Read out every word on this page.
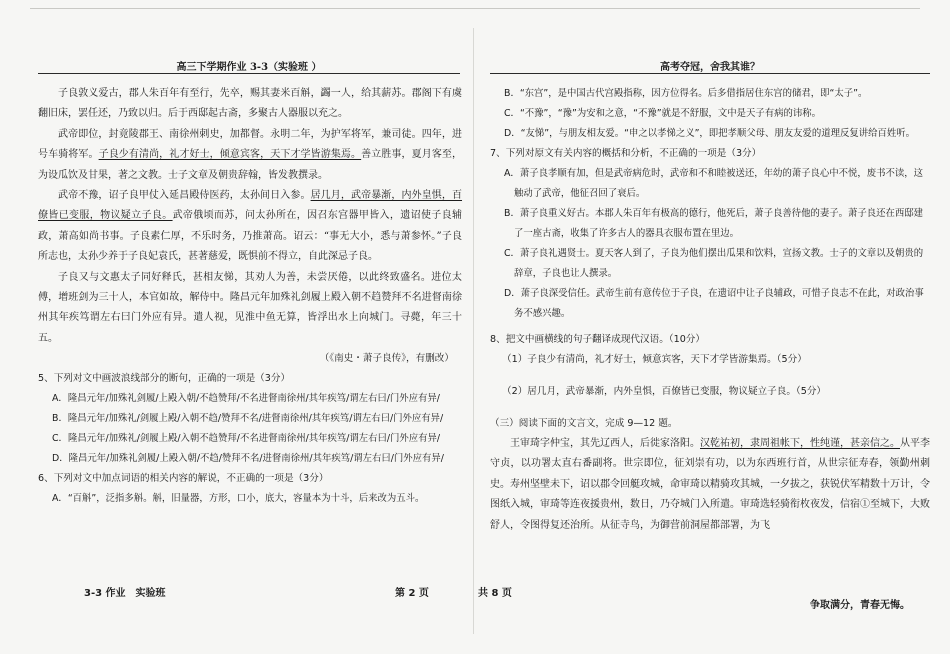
高三下学期作业 3-3（实验班 ）	高考夺冠，舍我其谁？

子良敦义爱古，郡人朱百年有至行，先卒，赐其妻米百斛，蠲一人，给其薪苏。郡阁下有虞翻旧床，罢任还，乃致以归。后于西邸起古斋，多聚古人器服以充之。

武帝即位，封竟陵郡王、南徐州刺史，加都督。永明二年，为护军将军，兼司徒。四年，进号车骑将军。子良少有清尚，礼才好士，倾意宾客，天下才学皆游集焉。善立胜事，夏月客至，为设瓜饮及甘果，著之文教。士子文章及朝贵辞翰，皆发教撰录。

武帝不豫，诏子良甲仗入延昌殿侍医药，太孙间日入参。居几月，武帝暴渐，内外皇惧，百僚皆已变服，物议疑立子良。武帝俄顷而苏，问太孙所在，因召东宫器甲皆入，遗诏使子良辅政，萧高如尚书事。子良素仁厚，不乐时务，乃推萧高。诏云：“事无大小，悉与萧参怀。”子良所志也，太孙少养于子良妃袁氏，甚著慈爱，既惧前不得立，自此深忌子良。

子良又与文惠太子同好释氏，甚相友悌，其劝人为善，未尝厌倦，以此终致盛名。进位太傅，增班剑为三十人，本官如故，解侍中。隆昌元年加殊礼剑履上殿入朝不趋赞拜不名进督南徐州其年疾笃谓左右曰门外应有异。遣人视，见淮中鱼无算，皆浮出水上向城门。寻薨，年三十五。

（《南史・萧子良传》，有删改）

5、下列对文中画波浪线部分的断句，正确的一项是（3分）

A．隆昌元年/加殊礼剑履/上殿入朝/不趋赞拜/不名进督南徐州/其年疾笃/谓左右曰/门外应有异/

B．隆昌元年/加殊礼/剑履上殿/入朝不趋/赞拜不名/进督南徐州/其年疾笃/谓左右曰/门外应有异/

C．隆昌元年/加殊礼/剑履上殿/入朝不趋赞拜/不名进督南徐州/其年疾笃/谓左右曰/门外应有异/

D．隆昌元年/加殊礼剑履/上殿入朝/不趋/赞拜不名/进督南徐州/其年疾笃/谓左右曰/门外应有异/

6、下列对文中加点词语的相关内容的解说，不正确的一项是（3分）

A．“百斛”，泛指多斛。斛，旧量器，方形，口小，底大，容量本为十斗，后来改为五斗。

B．“东宫”，是中国古代宫殿指称，因方位得名。后多借指居住东宫的储君，即“太子”。

C．“不豫”，“豫”为安和之意，“不豫”就是不舒服，文中是天子有病的讳称。

D．“友悌”，与朋友相友爱。“申之以孝悌之义”，即把孝顺父母、朋友友爱的道理反复讲给百姓听。

7、下列对原文有关内容的概括和分析，不正确的一项是（3分）

A．萧子良孝顺有加，但是武帝病危时，武帝和不和睦被送还，年幼的萧子良心中不悦，废书不读，这触动了武帝，他征召回了衰后。

B．萧子良重义好古。本郡人朱百年有极高的德行，他死后，萧子良善待他的妻子。萧子良还在西邸建了一座古斋，收集了许多古人的器具衣服布置在里边。

C．萧子良礼遇贤士。夏天客人到了，子良为他们摆出瓜果和饮料，宣扬文教。士子的文章以及朝贵的辞章，子良也让人撰录。

D．萧子良深受信任。武帝生前有意传位于子良，在遗诏中让子良辅政，可惜子良志不在此，对政治事务不感兴趣。

8、把文中画横线的句子翻译成现代汉语。（10分）

（1）子良少有清尚，礼才好士，倾意宾客，天下才学皆游集焉。（5分）

（2）居几月，武帝暴渐，内外皇惧，百僚皆已变服，物议疑立子良。（5分）

（三）阅读下面的文言文，完成 9—12 题。

王审琦字仲宝，其先辽西人，后徙家洛阳。汉乾祐初，隶周祖帐下，性纯谨，甚亲信之。从平李守贞，以功署太直右番副将。世宗即位，征刘崇有功，以为东西班行首，从世宗征寿春，领勤州刺史。寿州坚壁未下，诏以郡令回艇攻城，命审琦以精骑攻其城，一夕拔之，获锐伏军精数十万计，令图纸入城，审琦等连夜援贵州，数日，乃夺城门入所遣。审琦选轻骑衔枚夜发，信宿①至城下，大败舒人，令图得复还治所。从征寺鸟，为御营前洞屋都部署，为飞

3-3 作业　实验班	第 2 页	共 8 页
争取满分，青春无悔。
